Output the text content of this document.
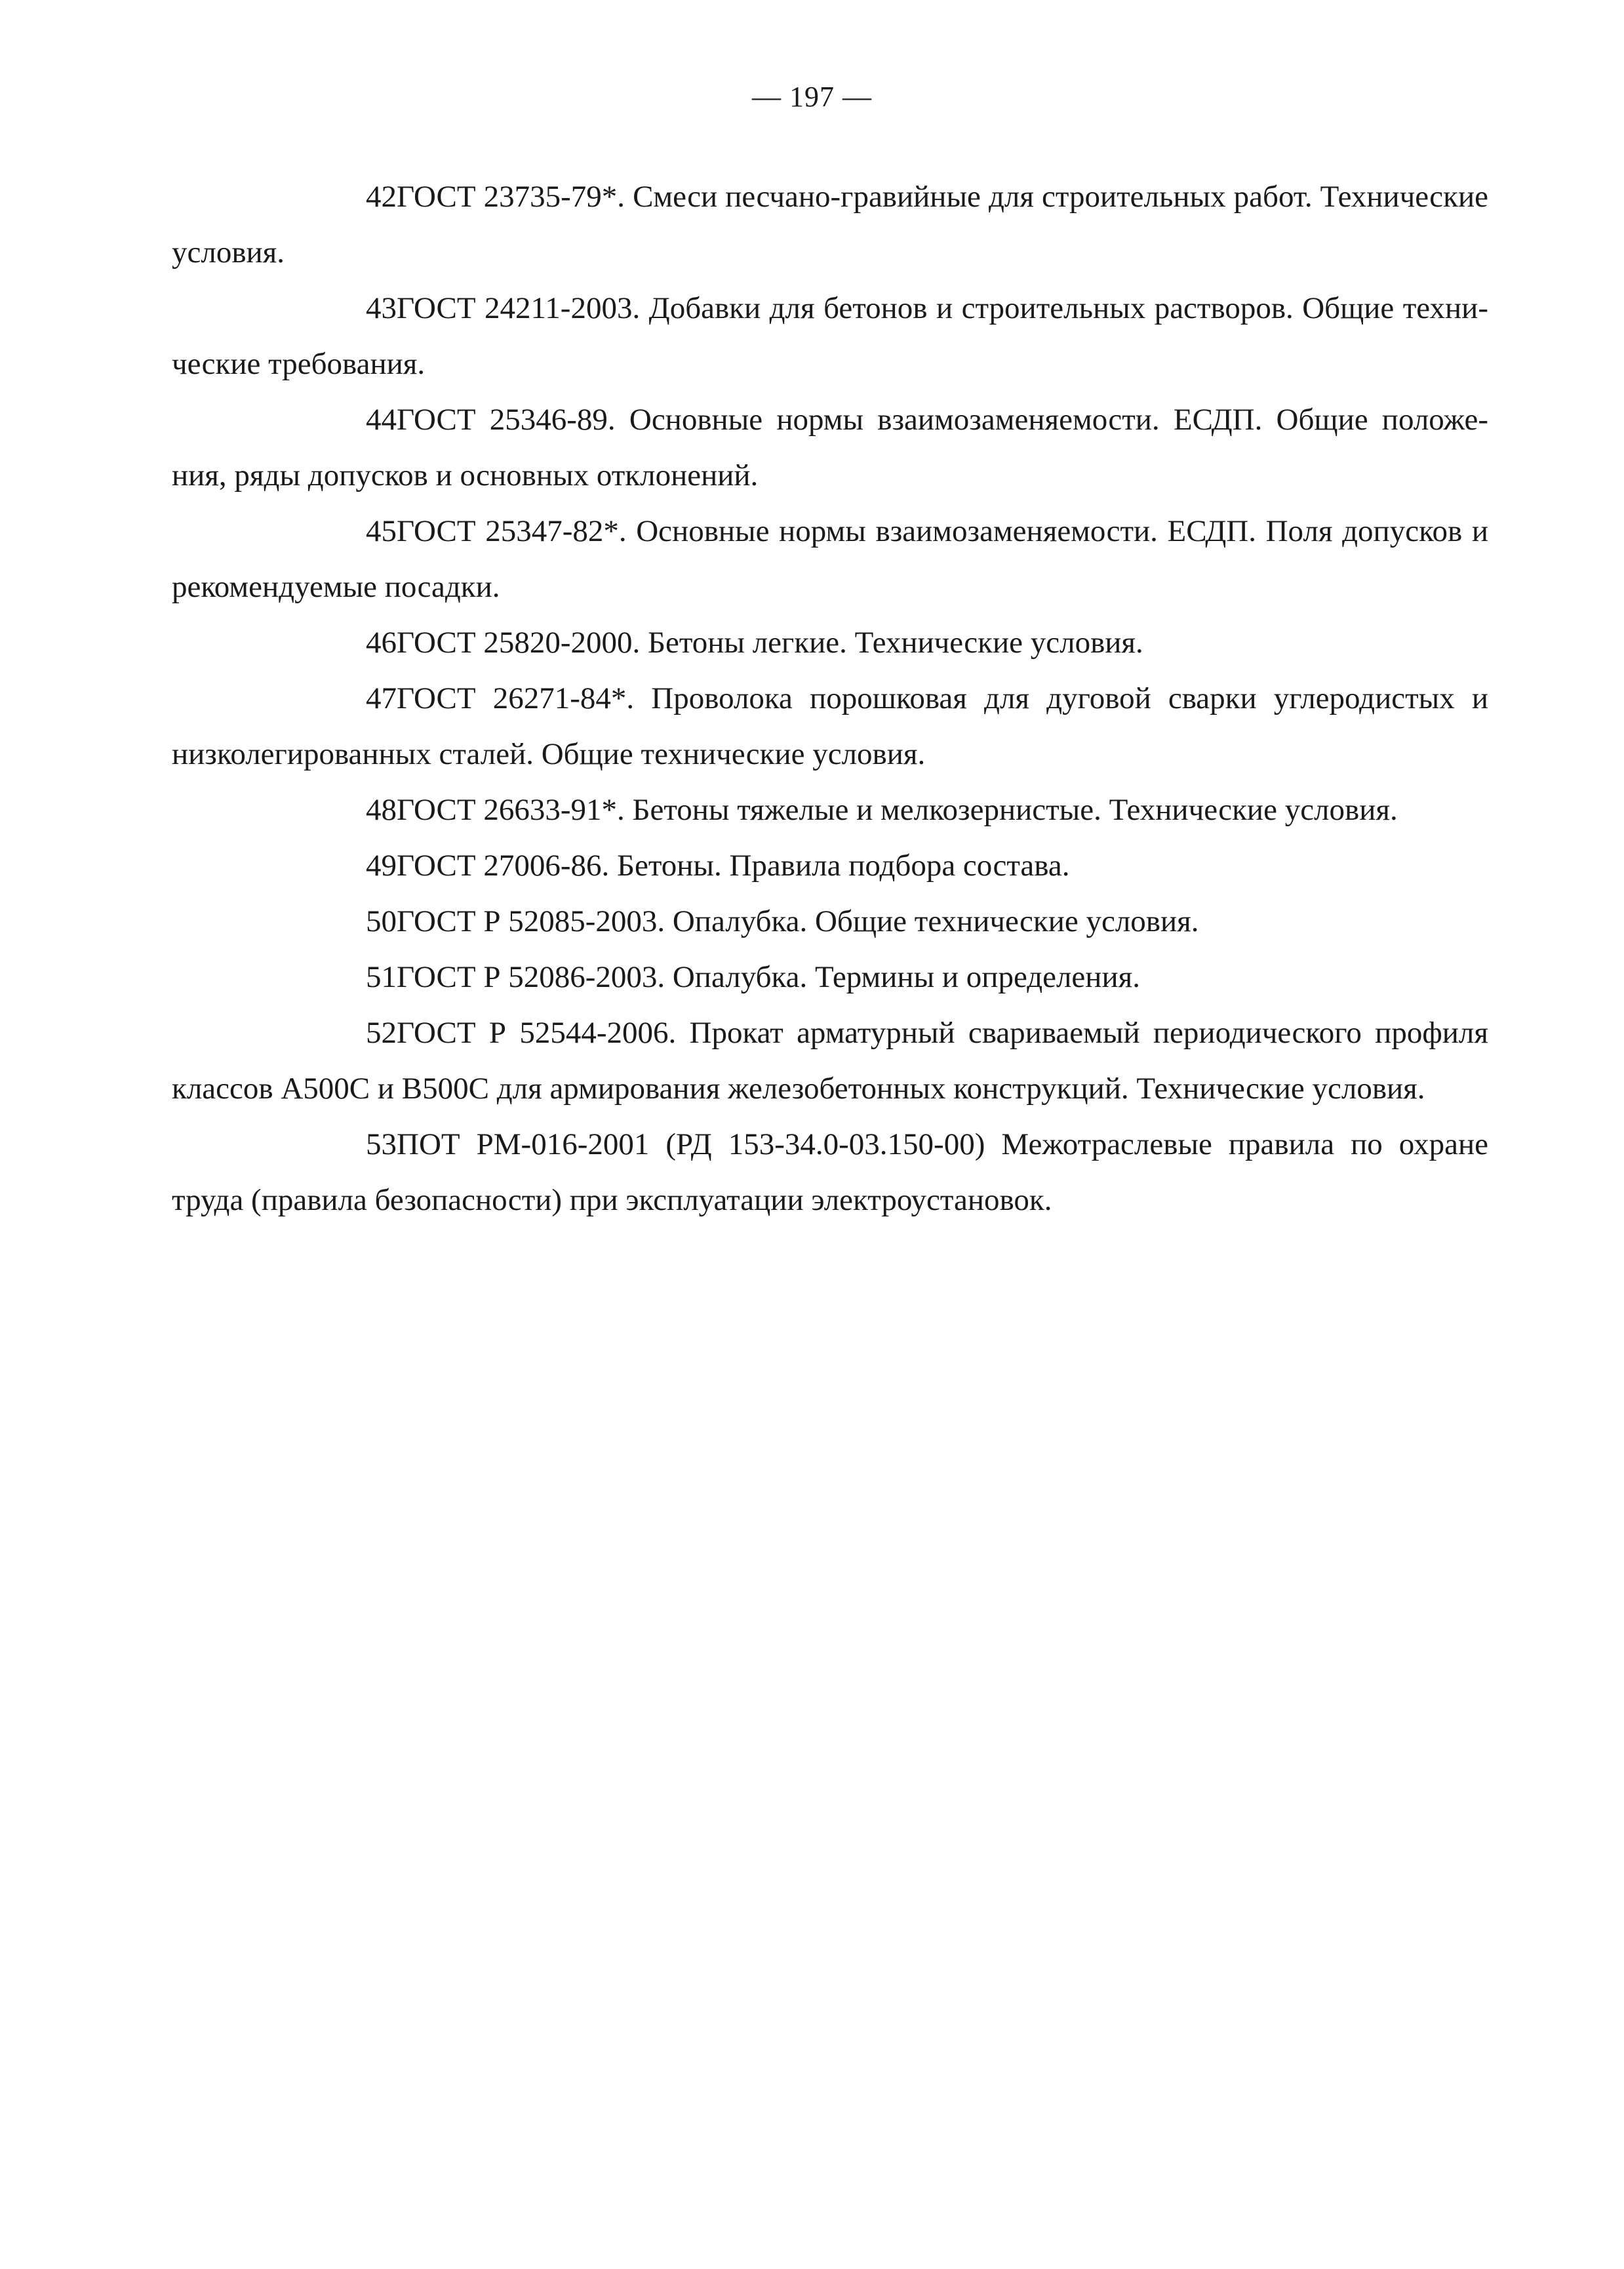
— 197 —

42ГОСТ 23735-79*. Смеси песчано-гравийные для строительных работ. Технические условия.

43ГОСТ 24211-2003. Добавки для бетонов и строительных растворов. Общие технические требования.

44ГОСТ 25346-89. Основные нормы взаимозаменяемости. ЕСДП. Общие положения, ряды допусков и основных отклонений.

45ГОСТ 25347-82*. Основные нормы взаимозаменяемости. ЕСДП. Поля допусков и рекомендуемые посадки.

46ГОСТ 25820-2000. Бетоны легкие. Технические условия.

47ГОСТ 26271-84*. Проволока порошковая для дуговой сварки углеродистых и низколегированных сталей. Общие технические условия.

48ГОСТ 26633-91*. Бетоны тяжелые и мелкозернистые. Технические условия.

49ГОСТ 27006-86. Бетоны. Правила подбора состава.

50ГОСТ Р 52085-2003. Опалубка. Общие технические условия.

51ГОСТ Р 52086-2003. Опалубка. Термины и определения.

52ГОСТ Р 52544-2006. Прокат арматурный свариваемый периодического профиля классов А500С и В500С для армирования железобетонных конструкций. Технические условия.

53ПОТ РМ-016-2001 (РД 153-34.0-03.150-00) Межотраслевые правила по охране труда (правила безопасности) при эксплуатации электроустановок.
